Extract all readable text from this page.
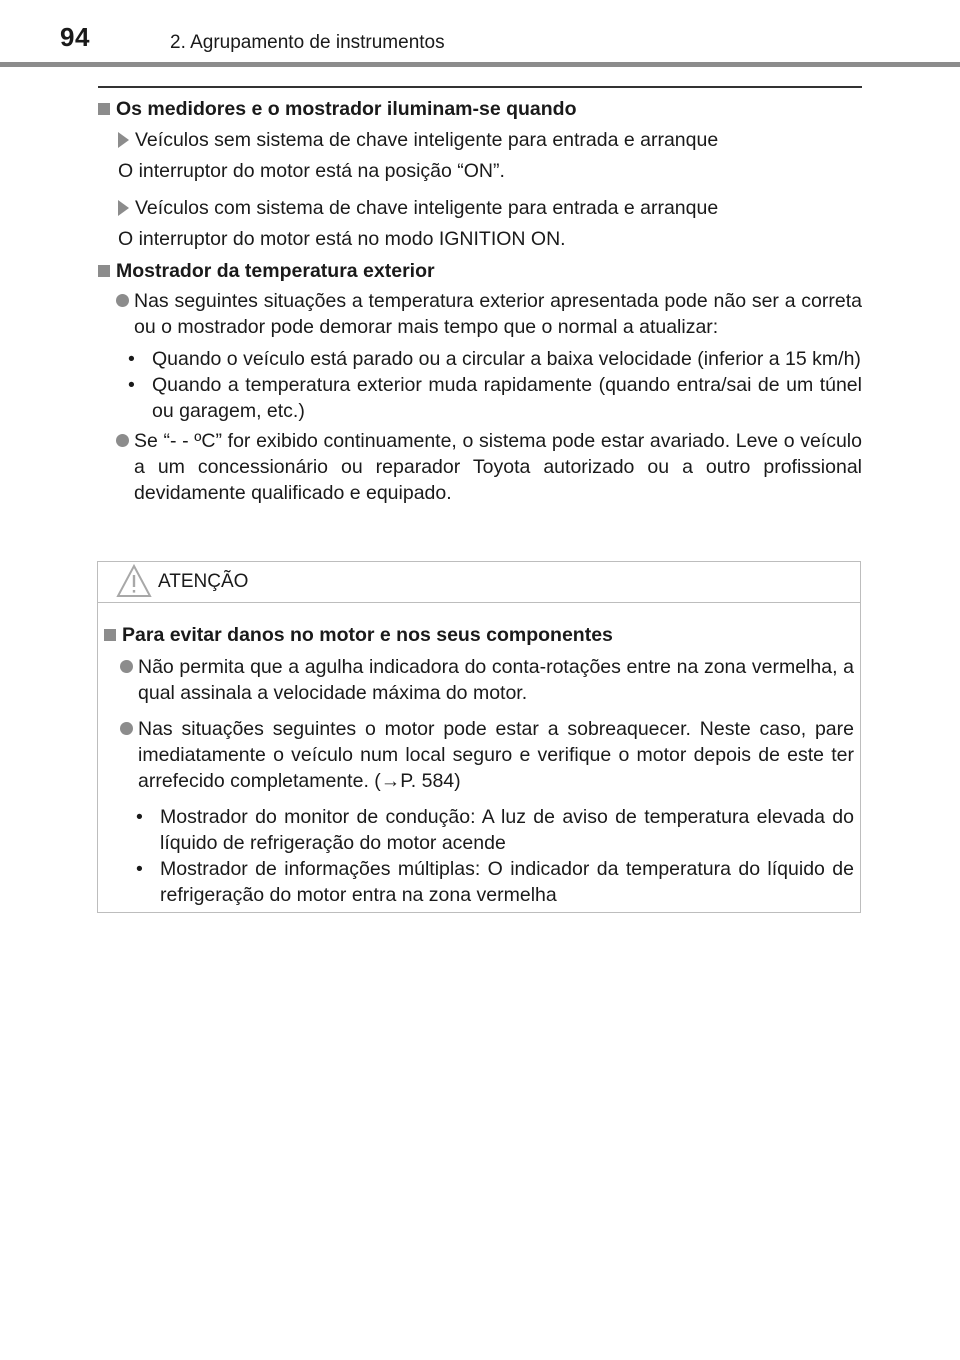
94	2. Agrupamento de instrumentos
Os medidores e o mostrador iluminam-se quando
Veículos sem sistema de chave inteligente para entrada e arranque
O interruptor do motor está na posição “ON”.
Veículos com sistema de chave inteligente para entrada e arranque
O interruptor do motor está no modo IGNITION ON.
Mostrador da temperatura exterior
Nas seguintes situações a temperatura exterior apresentada pode não ser a correta ou o mostrador pode demorar mais tempo que o normal a atualizar:
• Quando o veículo está parado ou a circular a baixa velocidade (inferior a 15 km/h)
• Quando a temperatura exterior muda rapidamente (quando entra/sai de um túnel ou garagem, etc.)
Se “- - ºC” for exibido continuamente, o sistema pode estar avariado. Leve o veículo a um concessionário ou reparador Toyota autorizado ou a outro profissional devidamente qualificado e equipado.
ATENÇÃO
Para evitar danos no motor e nos seus componentes
Não permita que a agulha indicadora do conta-rotações entre na zona vermelha, a qual assinala a velocidade máxima do motor.
Nas situações seguintes o motor pode estar a sobreaquecer. Neste caso, pare imediatamente o veículo num local seguro e verifique o motor depois de este ter arrefecido completamente. (→P. 584)
• Mostrador do monitor de condução: A luz de aviso de temperatura elevada do líquido de refrigeração do motor acende
• Mostrador de informações múltiplas: O indicador da temperatura do líquido de refrigeração do motor entra na zona vermelha
